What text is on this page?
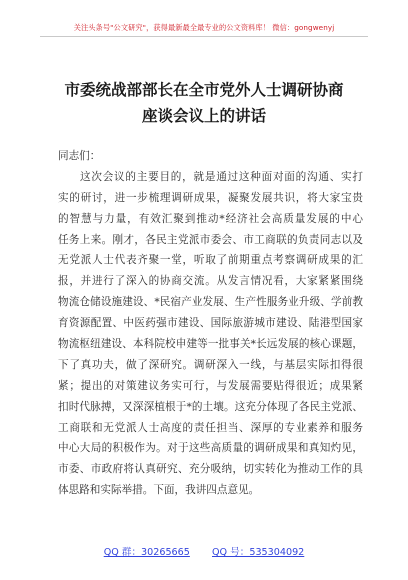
关注头条号"公文研究"，获得最新最全最专业的公文资料库！ 微信：gongwenyj
市委统战部部长在全市党外人士调研协商
座谈会议上的讲话
同志们：
这次会议的主要目的，就是通过这种面对面的沟通、实打
实的研讨，进一步梳理调研成果，凝聚发展共识，将大家宝贵
的智慧与力量，有效汇聚到推动*经济社会高质量发展的中心
任务上来。刚才，各民主党派市委会、市工商联的负责同志以及
无党派人士代表齐聚一堂，听取了前期重点考察调研成果的汇
报，并进行了深入的协商交流。从发言情况看，大家紧紧围绕
物流仓储设施建设、*民宿产业发展、生产性服务业升级、学前教
育资源配置、中医药强市建设、国际旅游城市建设、陆港型国家
物流枢纽建设、本科院校申建等一批事关*长远发展的核心课题，
下了真功夫，做了深研究。调研深入一线，与基层实际扣得很
紧；提出的对策建议务实可行，与发展需要贴得很近；成果紧
扣时代脉搏，又深深植根于*的土壤。这充分体现了各民主党派、
工商联和无党派人士高度的责任担当、深厚的专业素养和服务
中心大局的积极作为。对于这些高质量的调研成果和真知灼见，
市委、市政府将认真研究、充分吸纳，切实转化为推动工作的具
体思路和实际举措。下面，我讲四点意见。
QQ 群：30265665 QQ 号：535304092
